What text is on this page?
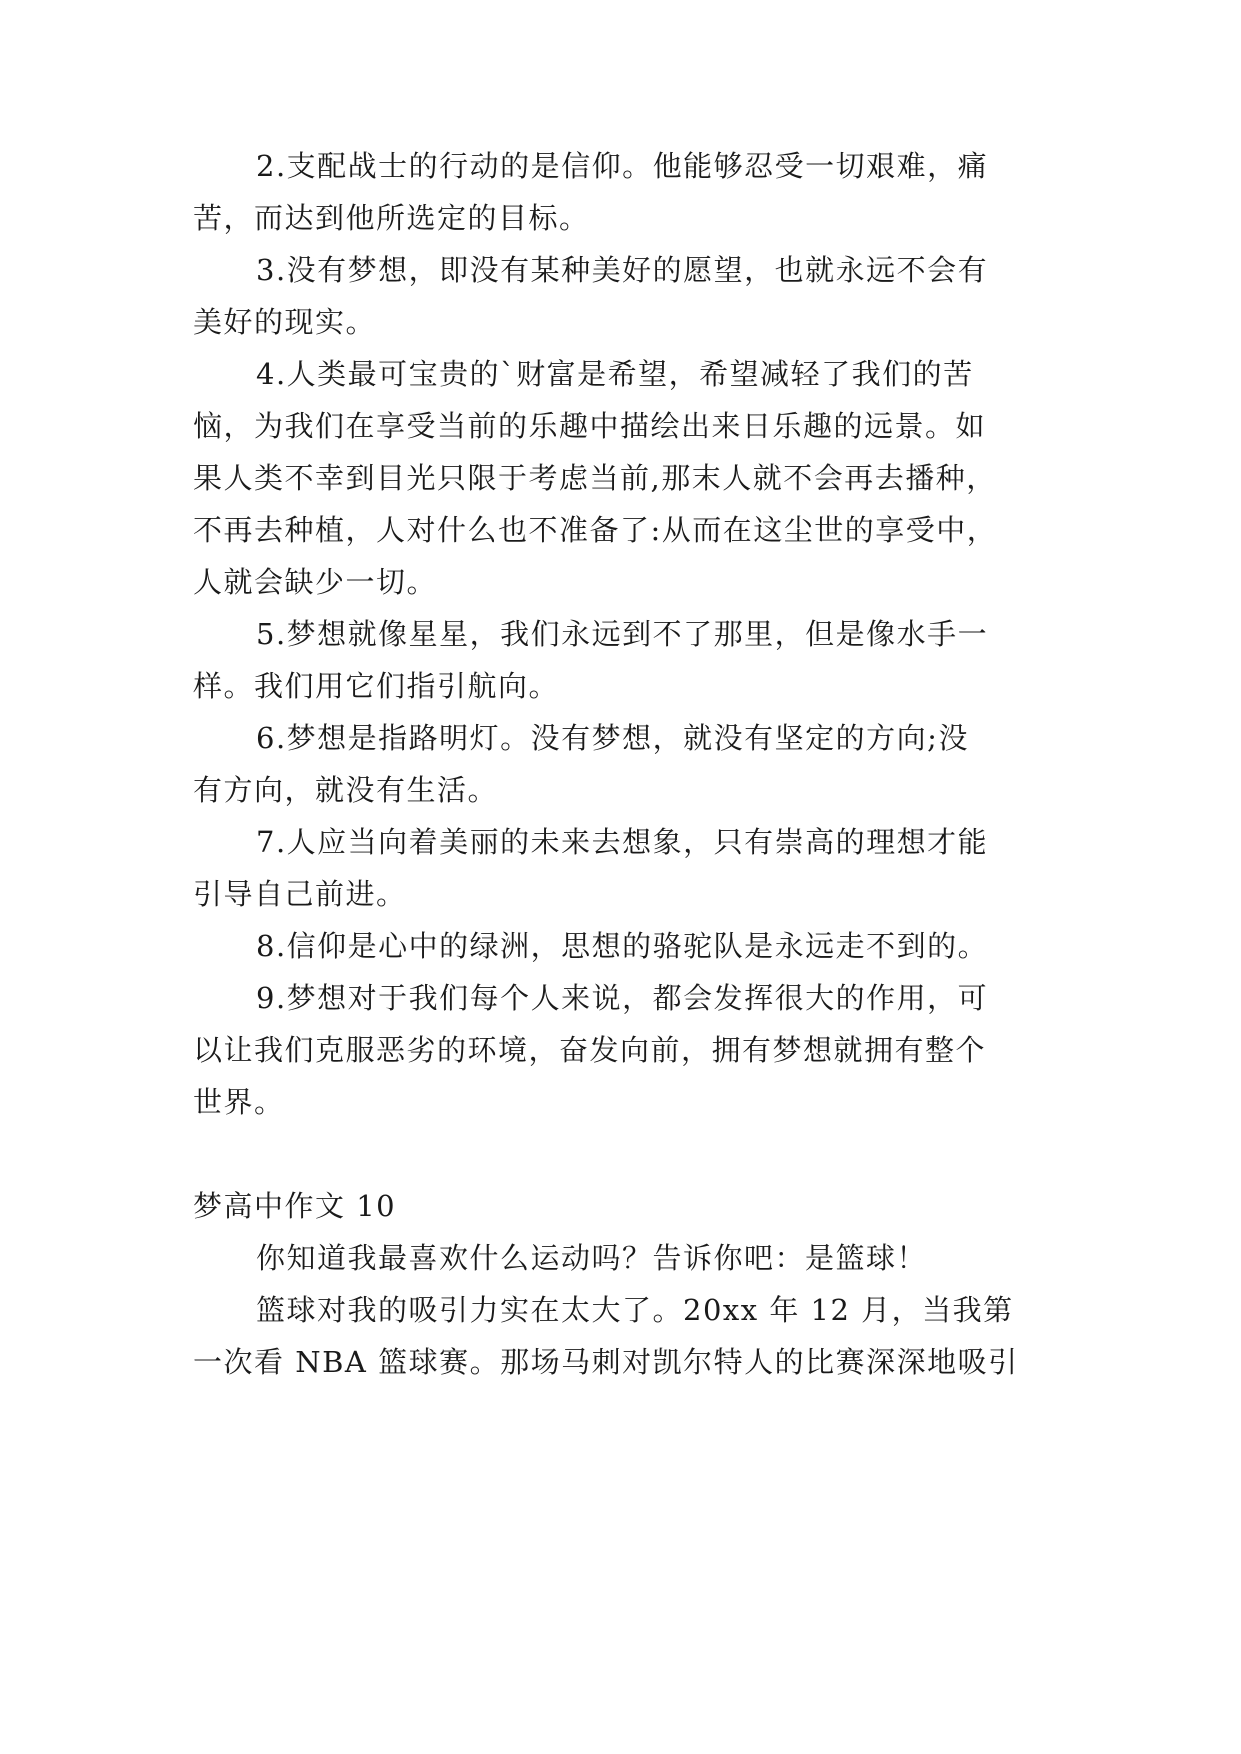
2.支配战士的行动的是信仰。他能够忍受一切艰难，痛
苦，而达到他所选定的目标。
3.没有梦想，即没有某种美好的愿望，也就永远不会有
美好的现实。
4.人类最可宝贵的`财富是希望，希望减轻了我们的苦
恼，为我们在享受当前的乐趣中描绘出来日乐趣的远景。如
果人类不幸到目光只限于考虑当前,那末人就不会再去播种，
不再去种植，人对什么也不准备了:从而在这尘世的享受中，
人就会缺少一切。
5.梦想就像星星，我们永远到不了那里，但是像水手一
样。我们用它们指引航向。
6.梦想是指路明灯。没有梦想，就没有坚定的方向;没
有方向，就没有生活。
7.人应当向着美丽的未来去想象，只有崇高的理想才能
引导自己前进。
8.信仰是心中的绿洲，思想的骆驼队是永远走不到的。
9.梦想对于我们每个人来说，都会发挥很大的作用，可
以让我们克服恶劣的环境，奋发向前，拥有梦想就拥有整个
世界。
梦高中作文 10
你知道我最喜欢什么运动吗？告诉你吧：是篮球！
篮球对我的吸引力实在太大了。20xx 年 12 月，当我第
一次看 NBA 篮球赛。那场马刺对凯尔特人的比赛深深地吸引
